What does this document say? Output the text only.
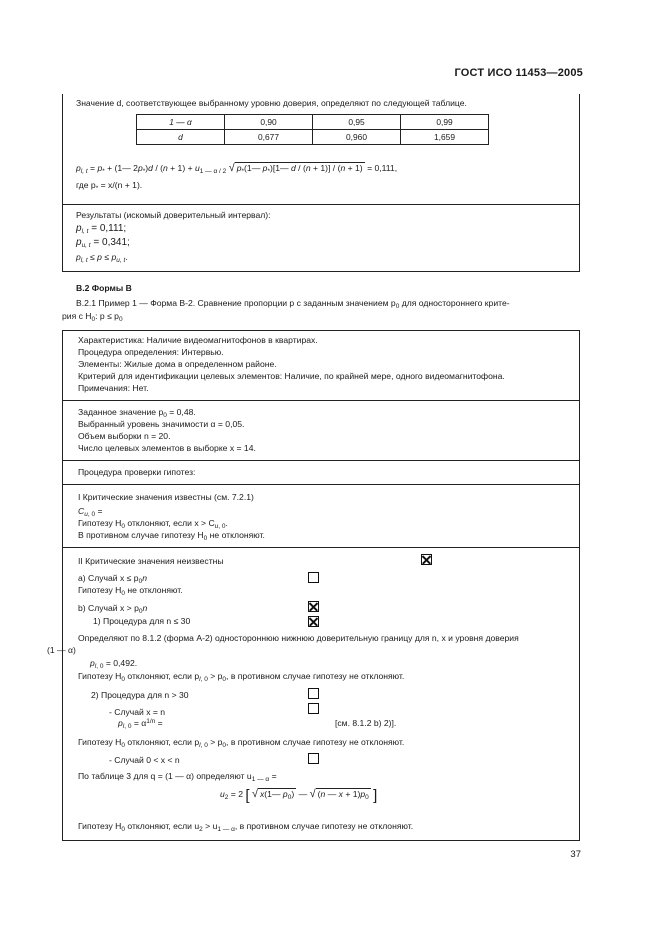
ГОСТ ИСО 11453—2005
Значение d, соответствующее выбранному уровню доверия, определяют по следующей таблице.
1 — α	0,90	0,95	0,99
d	0,677	0,960	1,659
$p_{l, t} = p_*$ + (1— $2p_*)d / (n + 1) + u_{1 — \alpha / 2}$ √ $p_*(1—$ $p_*)[1—$ d / (n + 1)] / (n + 1) = 0,111,
где $p_* = x/(n + 1)$.
Результаты (искомый доверительный интервал):
$p_{l, t} = 0,111$;
$p_{u, t} = 0,341$;
$p_{l, t} \le p \le p_{u, t}$.
В.2 Формы В
В.2.1 Пример 1 — Форма В-2. Сравнение пропорции p с заданным значением $p_0$ для одностороннего крите-
рия с $H_0$: $p \le p_0$
Характеристика: Наличие видеомагнитофонов в квартирах.
Процедура определения: Интервью.
Элементы: Жилые дома в определенном районе.
Критерий для идентификации целевых элементов: Наличие, по крайней мере, одного видеомагнитофона.
Примечания: Нет.
Заданное значение $p_0 = 0,48$.
Выбранный уровень значимости α = 0,05.
Объем выборки n = 20.
Число целевых элементов в выборке x = 14.
Процедура проверки гипотез:
I Критические значения известны (см. 7.2.1)
$C_{u, 0}$ =
Гипотезу $H_0$ отклоняют, если $x > C_{u, 0}$.
В противном случае гипотезу $H_0$ не отклоняют.
II Критические значения неизвестны
a) Случай $x \le p_0n$
Гипотезу $H_0$ не отклоняют.
b) Случай $x > p_0n$
1) Процедура для n ≤ 30
Определяют по 8.1.2 (форма А-2) одностороннюю нижнюю доверительную границу для n, x и уровня доверия
(1 — α)
$p_{l, 0} = 0,492$.
Гипотезу $H_0$ отклоняют, если $p_{l, 0} > p_0$, в противном случае гипотезу не отклоняют.
2) Процедура для n > 30
- Случай x = n
$p_{l, 0} = \alpha^{1/n}$ =	[см. 8.1.2 b) 2)].
Гипотезу $H_0$ отклоняют, если $p_{l, 0} > p_0$, в противном случае гипотезу не отклоняют.
- Случай 0 < x < n
По таблице 3 для q = (1 — α) определяют $u_{1 — \alpha}$ =
$u_2 = 2$ [ √ x(1— $p_0$) — √ (n — $x + 1)p_0$ ]
Гипотезу $H_0$ отклоняют, если $u_2 > u_{1 — \alpha}$, в противном случае гипотезу не отклоняют.
37
